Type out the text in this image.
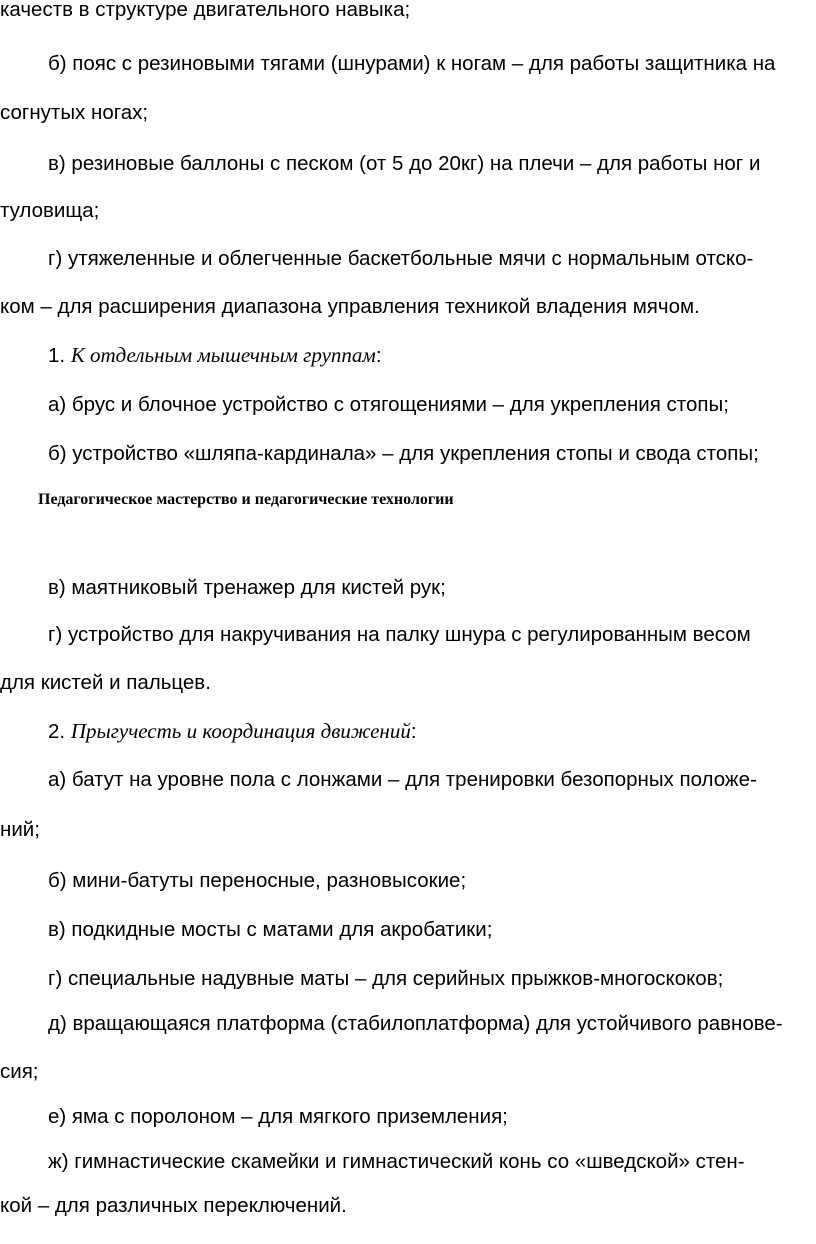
качеств в структуре двигательного навыка;
б) пояс с резиновыми тягами (шнурами) к ногам – для работы защитника на
согнутых ногах;
в) резиновые баллоны с песком (от 5 до 20кг) на плечи – для работы ног и
туловища;
г) утяжеленные и облегченные баскетбольные мячи с нормальным отско-
ком – для расширения диапазона управления техникой владения мячом.
1. К отдельным мышечным группам:
а) брус и блочное устройство с отягощениями – для укрепления стопы;
б) устройство «шляпа-кардинала» – для укрепления стопы и свода стопы;
Педагогическое мастерство и педагогические технологии
в) маятниковый тренажер для кистей рук;
г) устройство для накручивания на палку шнура с регулированным весом
для кистей и пальцев.
2. Прыгучесть и координация движений:
а) батут на уровне пола с лонжами – для тренировки безопорных положе-
ний;
б) мини-батуты переносные, разновысокие;
в) подкидные мосты с матами для акробатики;
г) специальные надувные маты – для серийных прыжков-многоскоков;
д) вращающаяся платформа (стабилоплатформа) для устойчивого равнове-
сия;
е) яма с поролоном – для мягкого приземления;
ж) гимнастические скамейки и гимнастический конь со «шведской» стен-
кой – для различных переключений.
